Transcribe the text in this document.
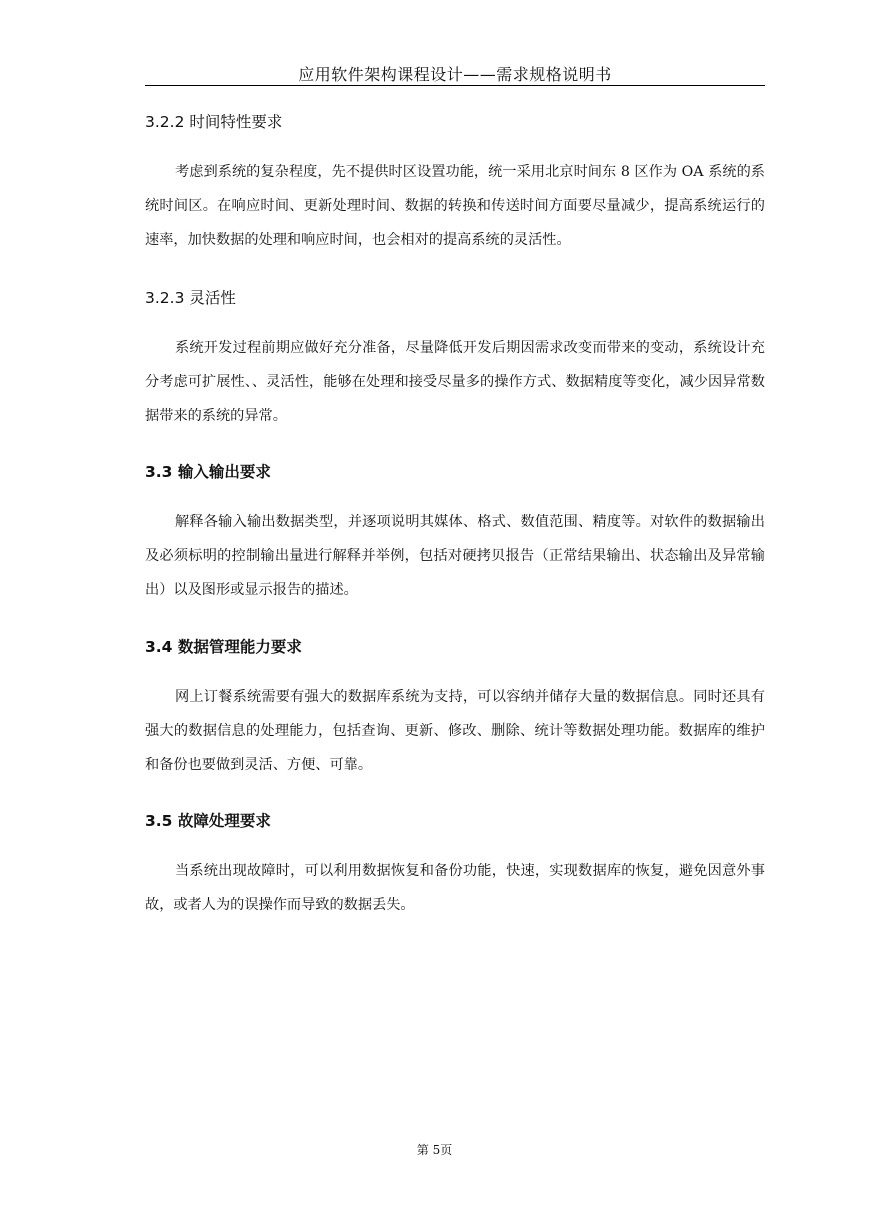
应用软件架构课程设计——需求规格说明书
3.2.2 时间特性要求

考虑到系统的复杂程度，先不提供时区设置功能，统一采用北京时间东 8 区作为 OA 系统的系统时间区。在响应时间、更新处理时间、数据的转换和传送时间方面要尽量减少，提高系统运行的速率，加快数据的处理和响应时间，也会相对的提高系统的灵活性。

3.2.3 灵活性

系统开发过程前期应做好充分准备，尽量降低开发后期因需求改变而带来的变动，系统设计充分考虑可扩展性、、灵活性，能够在处理和接受尽量多的操作方式、数据精度等变化，减少因异常数据带来的系统的异常。

3.3 输入输出要求

解释各输入输出数据类型，并逐项说明其媒体、格式、数值范围、精度等。对软件的数据输出及必须标明的控制输出量进行解释并举例，包括对硬拷贝报告（正常结果输出、状态输出及异常输出）以及图形或显示报告的描述。

3.4 数据管理能力要求

网上订餐系统需要有强大的数据库系统为支持，可以容纳并储存大量的数据信息。同时还具有强大的数据信息的处理能力，包括查询、更新、修改、删除、统计等数据处理功能。数据库的维护和备份也要做到灵活、方便、可靠。

3.5 故障处理要求

当系统出现故障时，可以利用数据恢复和备份功能，快速，实现数据库的恢复，避免因意外事故，或者人为的误操作而导致的数据丢失。

第 5页
